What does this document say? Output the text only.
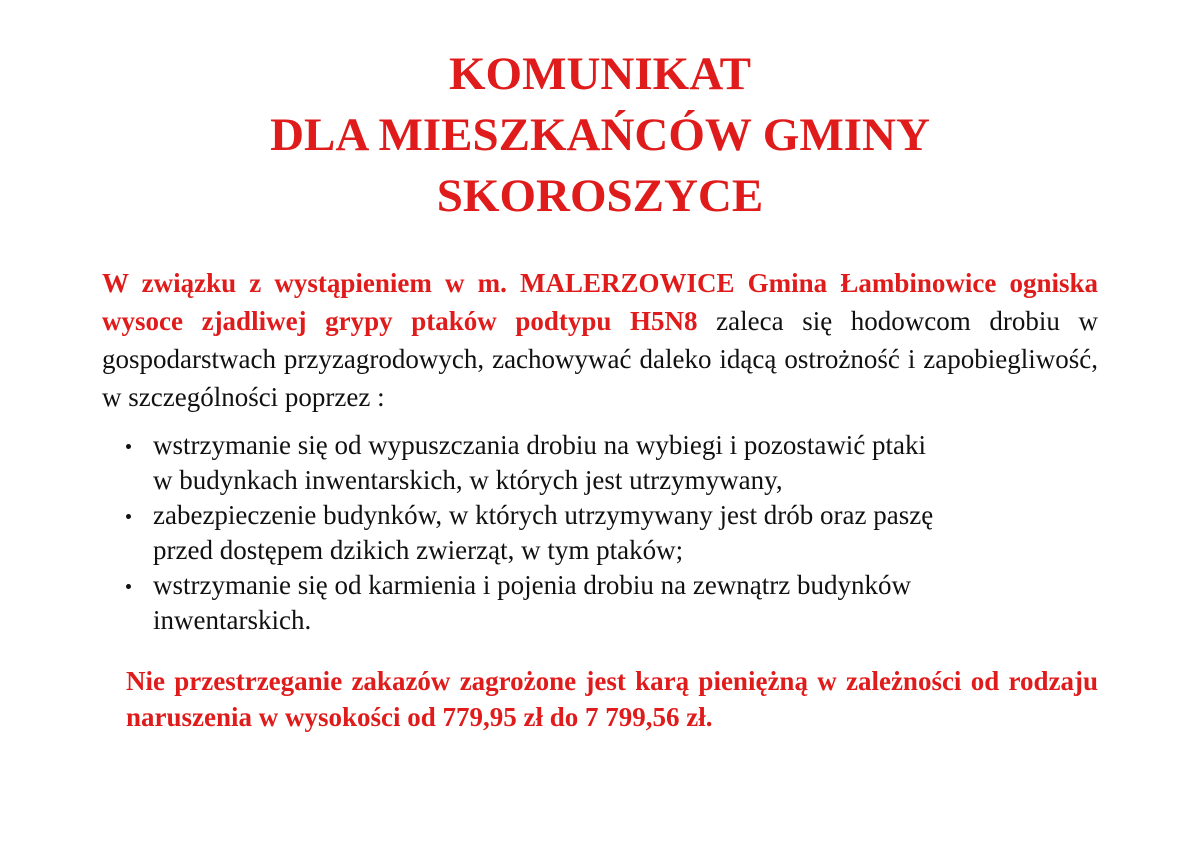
KOMUNIKAT
DLA MIESZKAŃCÓW GMINY
SKOROSZYCE

W związku z wystąpieniem w m. MALERZOWICE Gmina Łambinowice ogniska wysoce zjadliwej grypy ptaków podtypu H5N8 zaleca się hodowcom drobiu w gospodarstwach przyzagrodowych, zachowywać daleko idącą ostrożność i zapobiegliwość, w szczególności poprzez :

wstrzymanie się od wypuszczania drobiu na wybiegi i pozostawić ptaki
w budynkach inwentarskich, w których jest utrzymywany,
zabezpieczenie budynków, w których utrzymywany jest drób oraz paszę
przed dostępem dzikich zwierząt, w tym ptaków;
wstrzymanie się od karmienia i pojenia drobiu na zewnątrz budynków
inwentarskich.

Nie przestrzeganie zakazów zagrożone jest karą pieniężną w zależności od rodzaju naruszenia w wysokości od 779,95 zł do 7 799,56 zł.
